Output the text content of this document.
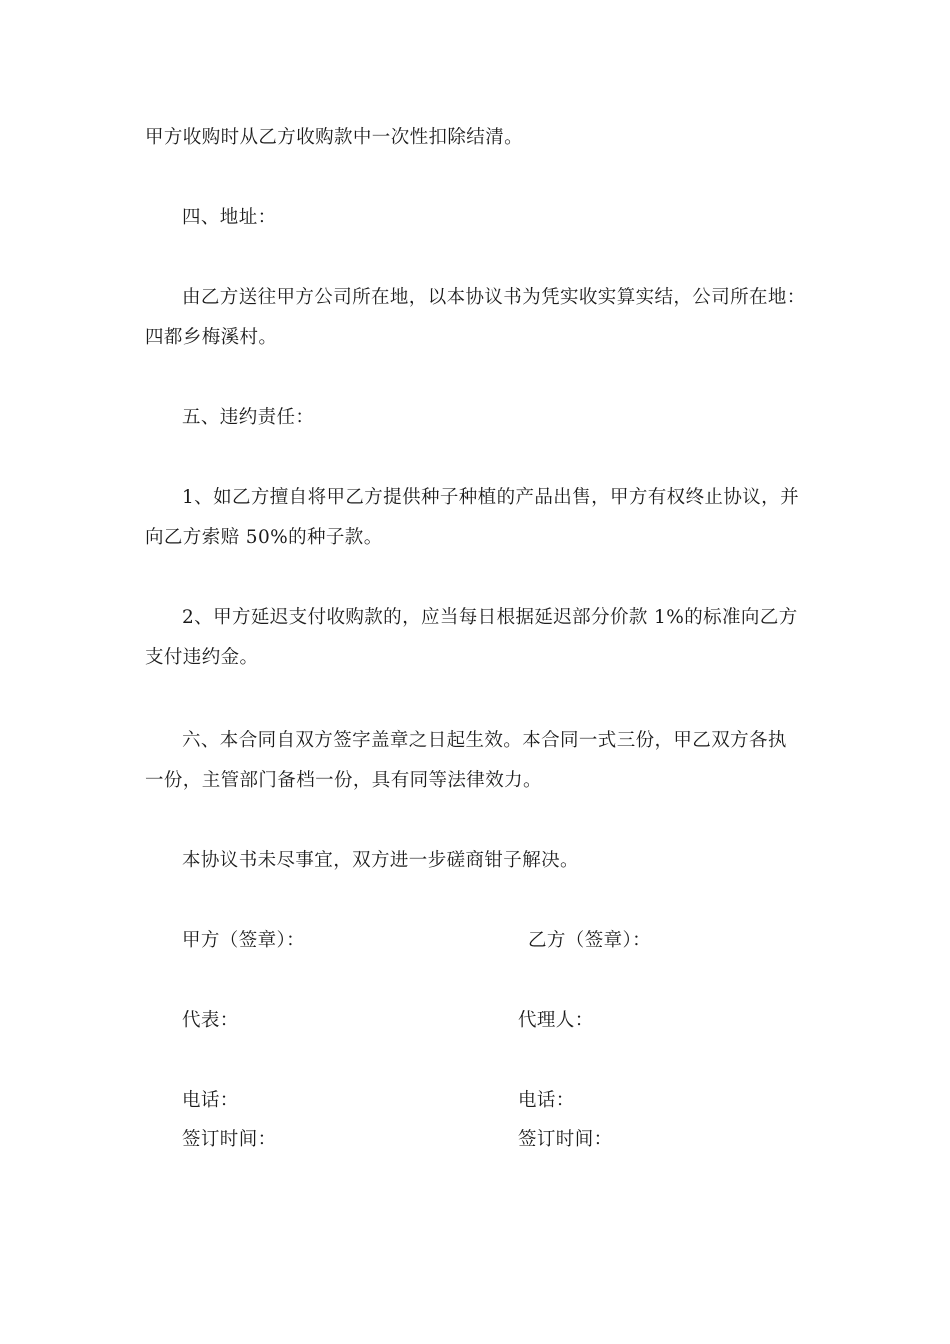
甲方收购时从乙方收购款中一次性扣除结清。
四、地址：
由乙方送往甲方公司所在地，以本协议书为凭实收实算实结，公司所在地：
四都乡梅溪村。
五、违约责任：
1、如乙方擅自将甲乙方提供种子种植的产品出售，甲方有权终止协议，并
向乙方索赔 50%的种子款。
2、甲方延迟支付收购款的，应当每日根据延迟部分价款 1%的标准向乙方
支付违约金。
六、本合同自双方签字盖章之日起生效。本合同一式三份，甲乙双方各执
一份，主管部门备档一份，具有同等法律效力。
本协议书未尽事宜，双方进一步磋商钳子解决。
甲方（签章）：	乙方（签章）：
代表：	代理人：
电话：	电话：
签订时间：	签订时间：
